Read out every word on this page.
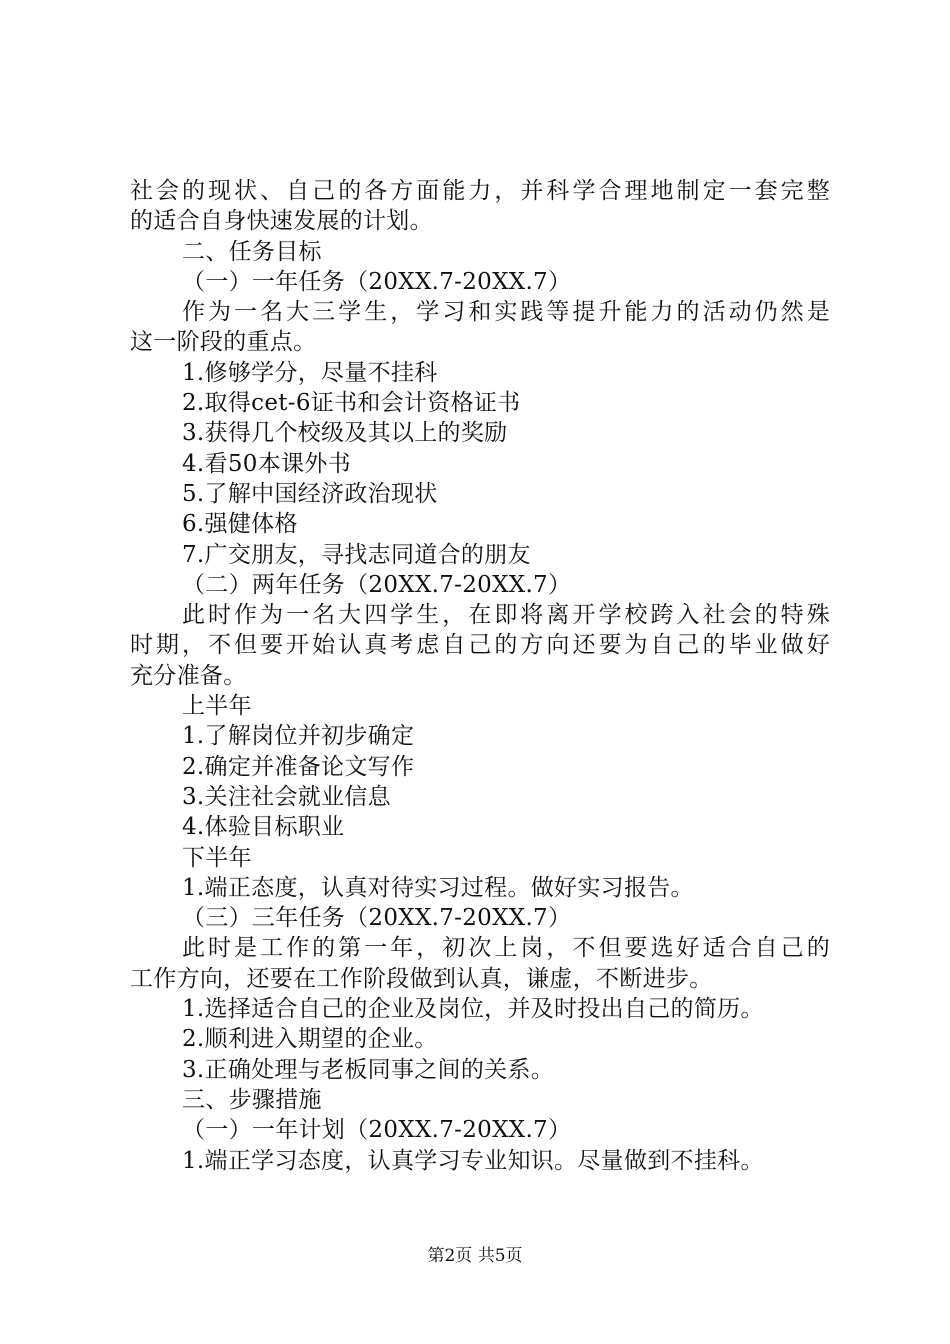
社会的现状、自己的各方面能力，并科学合理地制定一套完整
的适合自身快速发展的计划。
二、任务目标
（一）一年任务（20XX.7-20XX.7）
作为一名大三学生，学习和实践等提升能力的活动仍然是
这一阶段的重点。
1.修够学分，尽量不挂科
2.取得cet-6证书和会计资格证书
3.获得几个校级及其以上的奖励
4.看50本课外书
5.了解中国经济政治现状
6.强健体格
7.广交朋友，寻找志同道合的朋友
（二）两年任务（20XX.7-20XX.7）
此时作为一名大四学生，在即将离开学校跨入社会的特殊
时期，不但要开始认真考虑自己的方向还要为自己的毕业做好
充分准备。
上半年
1.了解岗位并初步确定
2.确定并准备论文写作
3.关注社会就业信息
4.体验目标职业
下半年
1.端正态度，认真对待实习过程。做好实习报告。
（三）三年任务（20XX.7-20XX.7）
此时是工作的第一年，初次上岗，不但要选好适合自己的
工作方向，还要在工作阶段做到认真，谦虚，不断进步。
1.选择适合自己的企业及岗位，并及时投出自己的简历。
2.顺利进入期望的企业。
3.正确处理与老板同事之间的关系。
三、步骤措施
（一）一年计划（20XX.7-20XX.7）
1.端正学习态度，认真学习专业知识。尽量做到不挂科。
第2页 共5页
